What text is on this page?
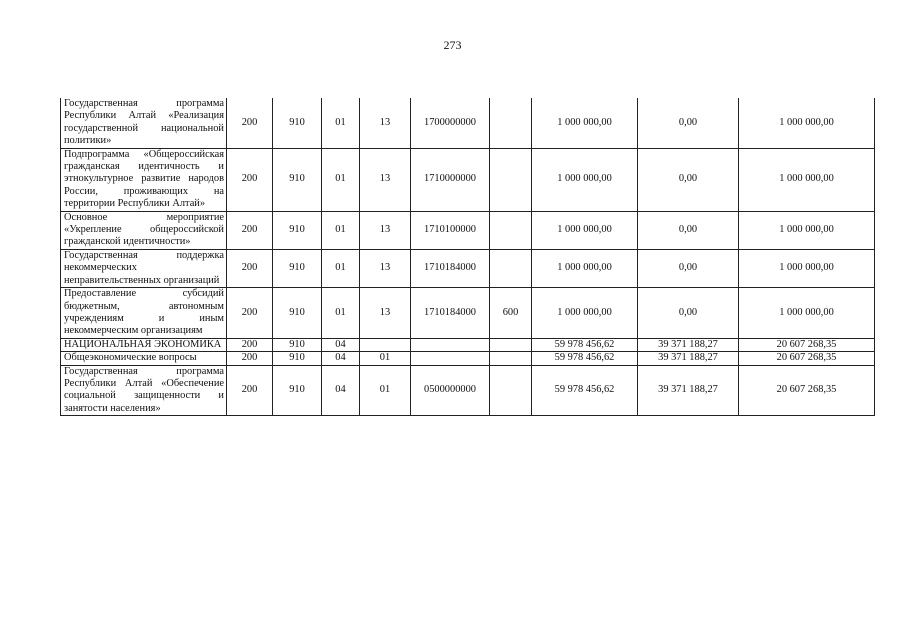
273
Государственная программа Республики Алтай «Реализация государственной национальной политики»	200	910	01	13	1700000000		1 000 000,00	0,00	1 000 000,00
Подпрограмма «Общероссийская гражданская идентичность и этнокультурное развитие народов России, проживающих на территории Республики Алтай»	200	910	01	13	1710000000		1 000 000,00	0,00	1 000 000,00
Основное мероприятие «Укрепление общероссийской гражданской идентичности»	200	910	01	13	1710100000		1 000 000,00	0,00	1 000 000,00
Государственная поддержка некоммерческих неправительственных организаций	200	910	01	13	1710184000		1 000 000,00	0,00	1 000 000,00
Предоставление субсидий бюджетным, автономным учреждениям и иным некоммерческим организациям	200	910	01	13	1710184000	600	1 000 000,00	0,00	1 000 000,00
НАЦИОНАЛЬНАЯ ЭКОНОМИКА	200	910	04				59 978 456,62	39 371 188,27	20 607 268,35
Общеэкономические вопросы	200	910	04	01			59 978 456,62	39 371 188,27	20 607 268,35
Государственная программа Республики Алтай «Обеспечение социальной защищенности и занятости населения»	200	910	04	01	0500000000		59 978 456,62	39 371 188,27	20 607 268,35
